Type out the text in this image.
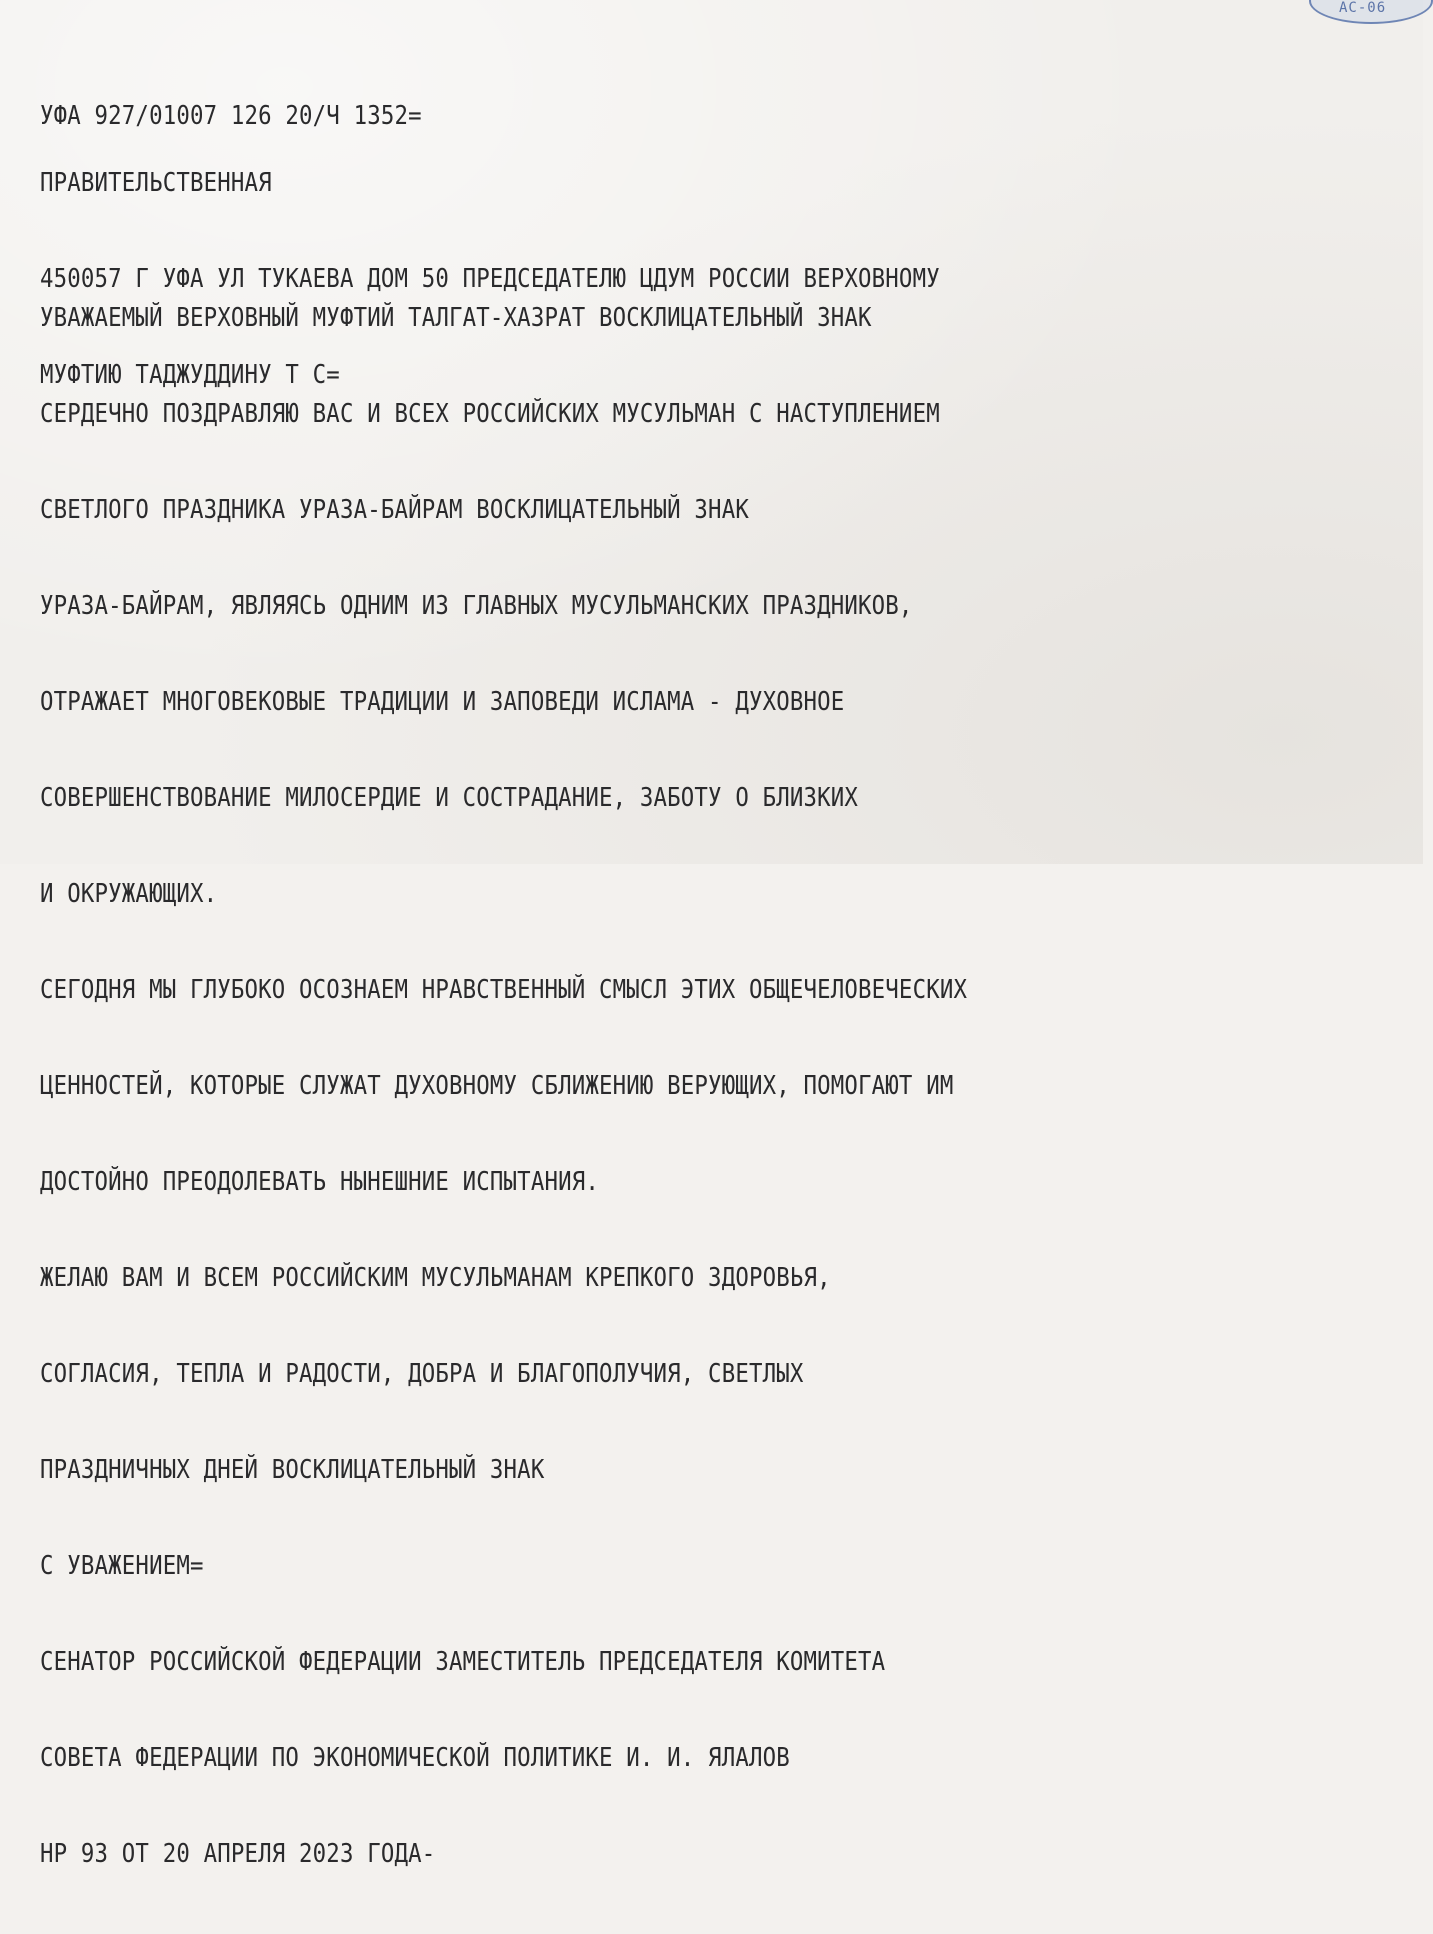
АС-06

УФА 927/01007 126 20/Ч 1352=

ПРАВИТЕЛЬСТВЕННАЯ

450057 Г УФА УЛ ТУКАЕВА ДОМ 50 ПРЕДСЕДАТЕЛЮ ЦДУМ РОССИИ ВЕРХОВНОМУ

МУФТИЮ ТАДЖУДДИНУ Т С=

УВАЖАЕМЫЙ ВЕРХОВНЫЙ МУФТИЙ ТАЛГАТ-ХАЗРАТ ВОСКЛИЦАТЕЛЬНЫЙ ЗНАК

СЕРДЕЧНО ПОЗДРАВЛЯЮ ВАС И ВСЕХ РОССИЙСКИХ МУСУЛЬМАН С НАСТУПЛЕНИЕМ

СВЕТЛОГО ПРАЗДНИКА УРАЗА-БАЙРАМ ВОСКЛИЦАТЕЛЬНЫЙ ЗНАК

УРАЗА-БАЙРАМ, ЯВЛЯЯСЬ ОДНИМ ИЗ ГЛАВНЫХ МУСУЛЬМАНСКИХ ПРАЗДНИКОВ,

ОТРАЖАЕТ МНОГОВЕКОВЫЕ ТРАДИЦИИ И ЗАПОВЕДИ ИСЛАМА - ДУХОВНОЕ

СОВЕРШЕНСТВОВАНИЕ МИЛОСЕРДИЕ И СОСТРАДАНИЕ, ЗАБОТУ О БЛИЗКИХ

И ОКРУЖАЮЩИХ.

СЕГОДНЯ МЫ ГЛУБОКО ОСОЗНАЕМ НРАВСТВЕННЫЙ СМЫСЛ ЭТИХ ОБЩЕЧЕЛОВЕЧЕСКИХ

ЦЕННОСТЕЙ, КОТОРЫЕ СЛУЖАТ ДУХОВНОМУ СБЛИЖЕНИЮ ВЕРУЮЩИХ, ПОМОГАЮТ ИМ

ДОСТОЙНО ПРЕОДОЛЕВАТЬ НЫНЕШНИЕ ИСПЫТАНИЯ.

ЖЕЛАЮ ВАМ И ВСЕМ РОССИЙСКИМ МУСУЛЬМАНАМ КРЕПКОГО ЗДОРОВЬЯ,

СОГЛАСИЯ, ТЕПЛА И РАДОСТИ, ДОБРА И БЛАГОПОЛУЧИЯ, СВЕТЛЫХ

ПРАЗДНИЧНЫХ ДНЕЙ ВОСКЛИЦАТЕЛЬНЫЙ ЗНАК

С УВАЖЕНИЕМ=

СЕНАТОР РОССИЙСКОЙ ФЕДЕРАЦИИ ЗАМЕСТИТЕЛЬ ПРЕДСЕДАТЕЛЯ КОМИТЕТА

СОВЕТА ФЕДЕРАЦИИ ПО ЭКОНОМИЧЕСКОЙ ПОЛИТИКЕ И. И. ЯЛАЛОВ

НР 93 ОТ 20 АПРЕЛЯ 2023 ГОДА-
